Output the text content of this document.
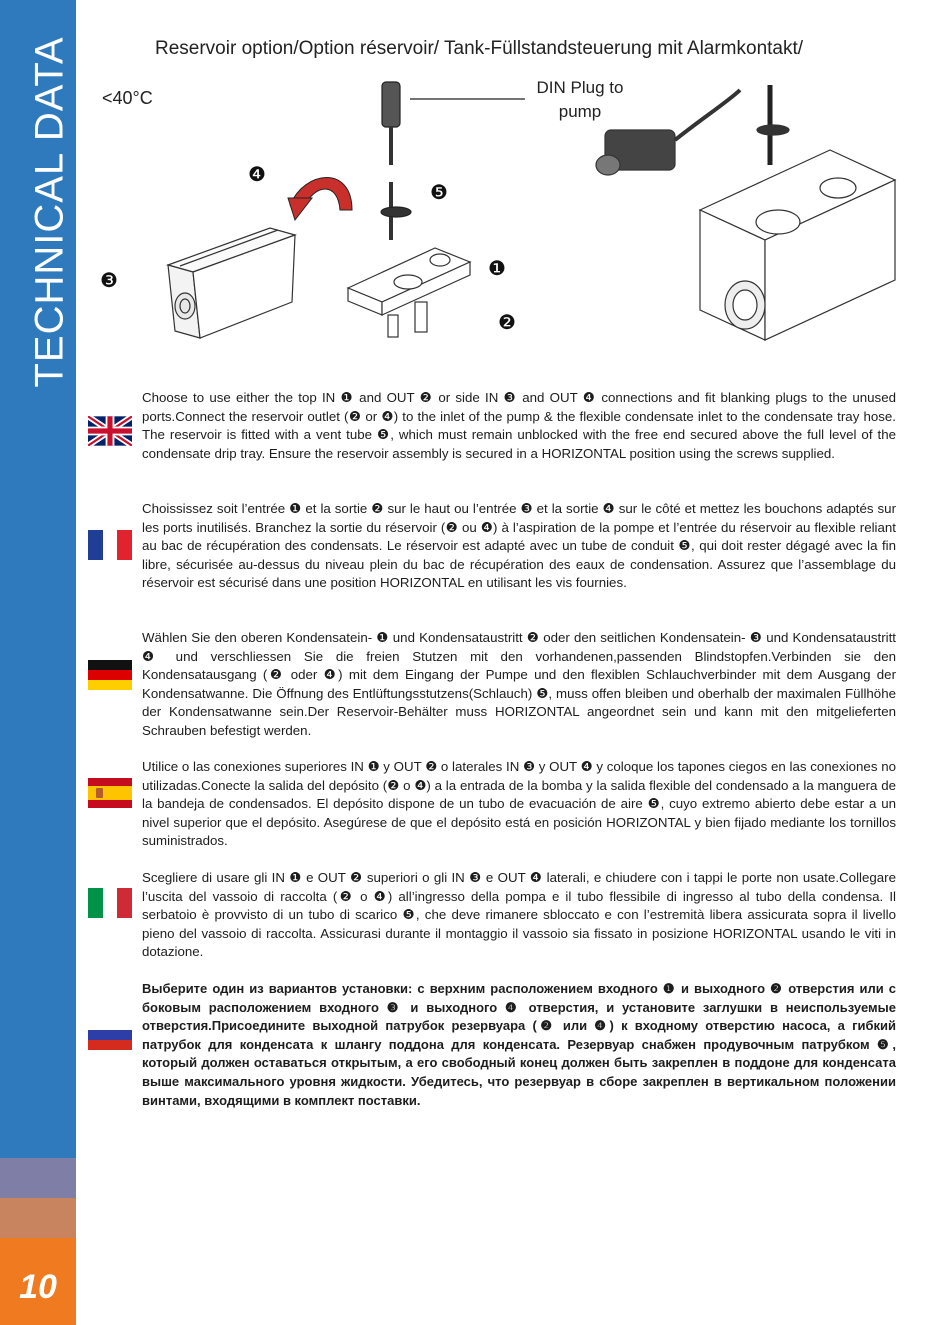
TECHNICAL DATA
10
Reservoir option/Option réservoir/ Tank-Füllstandsteuerung mit Alarmkontakt/
<40°C
DIN Plug to pump
❹
❺
❸
❶
❷
Choose to use either the top IN ❶ and OUT ❷ or side IN ❸ and OUT ❹ connections and fit blanking plugs to the unused ports.Connect the reservoir outlet (❷ or ❹) to the inlet of the pump & the flexible condensate inlet to the condensate tray hose. The reservoir is fitted with a vent tube ❺, which must remain unblocked with the free end secured above the full level of the condensate drip tray. Ensure the reservoir assembly is secured in a HORIZONTAL position using the screws supplied.
Choississez soit l’entrée ❶ et la sortie ❷ sur le haut ou l’entrée ❸ et la sortie ❹ sur le côté et mettez les bouchons adaptés sur les ports inutilisés. Branchez la sortie du réservoir (❷ ou ❹) à l’aspiration de la pompe et l’entrée du réservoir au flexible reliant au bac de récupération des condensats. Le réservoir est adapté avec un tube de conduit ❺, qui doit rester dégagé avec la fin libre, sécurisée au-dessus du niveau plein du bac de récupération des eaux de condensation. Assurez que l’assemblage du réservoir est sécurisé dans une position HORIZONTAL en utilisant les vis fournies.
Wählen Sie den oberen Kondensatein- ❶ und Kondensataustritt ❷ oder den seitlichen Kondensatein- ❸ und Kondensataustritt ❹ und verschliessen Sie die freien Stutzen mit den vorhandenen,passenden Blindstopfen.Verbinden sie den Kondensatausgang (❷ oder ❹) mit dem Eingang der Pumpe und den flexiblen Schlauchverbinder mit dem Ausgang der Kondensatwanne. Die Öffnung des Entlüftungsstutzens(Schlauch) ❺, muss offen bleiben und oberhalb der maximalen Füllhöhe der Kondensatwanne sein.Der Reservoir-Behälter muss HORIZONTAL angeordnet sein und kann mit den mitgelieferten Schrauben befestigt werden.
Utilice o las conexiones superiores IN ❶ y OUT ❷ o laterales IN ❸ y OUT ❹ y coloque los tapones ciegos en las conexiones no utilizadas.Conecte la salida del depósito (❷ o ❹) a la entrada de la bomba y la salida flexible del condensado a la manguera de la bandeja de condensados. El depósito dispone de un tubo de evacuación de aire ❺, cuyo extremo abierto debe estar a un nivel superior que el depósito. Asegúrese de que el depósito está en posición HORIZONTAL y bien fijado mediante los tornillos suministrados.
Scegliere di usare gli IN ❶ e OUT ❷ superiori o gli IN ❸ e OUT ❹ laterali, e chiudere con i tappi le porte non usate.Collegare l’uscita del vassoio di raccolta (❷ o ❹) all’ingresso della pompa e il tubo flessibile di ingresso al tubo della condensa. Il serbatoio è provvisto di un tubo di scarico ❺, che deve rimanere sbloccato e con l’estremità libera assicurata sopra il livello pieno del vassoio di raccolta. Assicurasi durante il montaggio il vassoio sia fissato in posizione HORIZONTAL usando le viti in dotazione.
Выберите один из вариантов установки: с верхним расположением входного ❶ и выходного ❷ отверстия или с боковым расположением входного ❸ и выходного ❹ отверстия, и установите заглушки в неиспользуемые отверстия.Присоедините выходной патрубок резервуара (❷ или ❹) к входному отверстию насоса, а гибкий патрубок для конденсата к шлангу поддона для конденсата. Резервуар снабжен продувочным патрубком ❺, который должен оставаться открытым, а его свободный конец должен быть закреплен в поддоне для конденсата выше максимального уровня жидкости. Убедитесь, что резервуар в сборе закреплен в вертикальном положении винтами, входящими в комплект поставки.
